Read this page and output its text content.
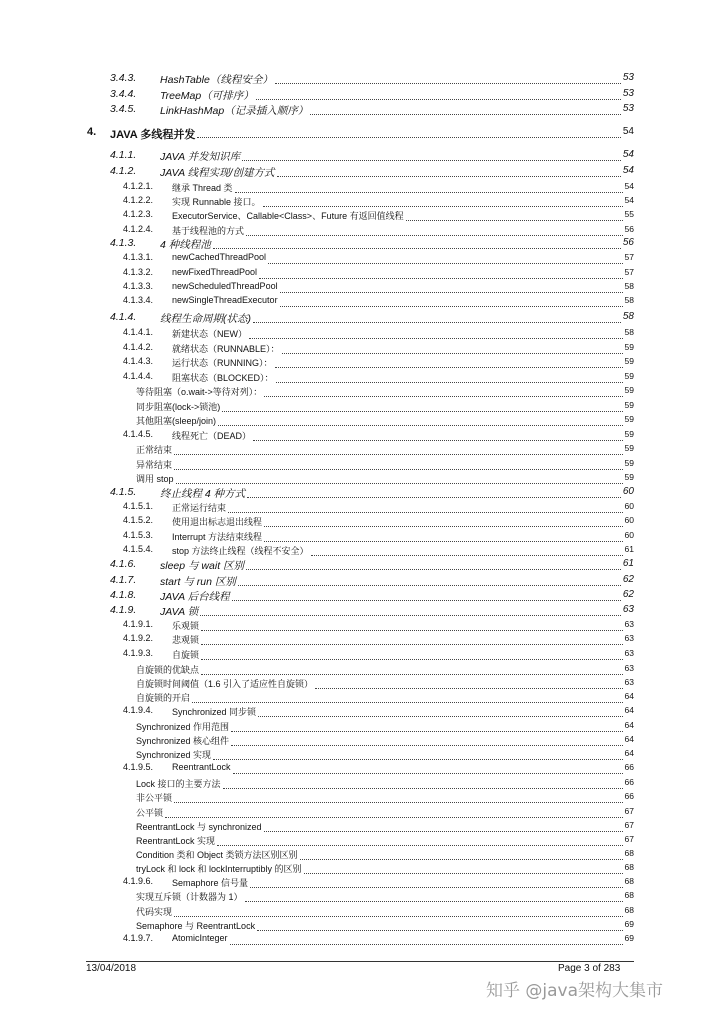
3.4.3. HashTable（线程安全）	53
3.4.4. TreeMap（可排序）	53
3.4.5. LinkHashMap（记录插入顺序）	53
4. JAVA 多线程并发	54
4.1.1. JAVA 并发知识库	54
4.1.2. JAVA 线程实现/创建方式	54
4.1.2.1. 继承 Thread 类	54
4.1.2.2. 实现 Runnable 接口。	54
4.1.2.3. ExecutorService、Callable<Class>、Future 有返回值线程	55
4.1.2.4. 基于线程池的方式	56
4.1.3. 4 种线程池	56
4.1.3.1. newCachedThreadPool	57
4.1.3.2. newFixedThreadPool	57
4.1.3.3. newScheduledThreadPool	58
4.1.3.4. newSingleThreadExecutor	58
4.1.4. 线程生命周期(状态)	58
4.1.4.1. 新建状态（NEW）	58
4.1.4.2. 就绪状态（RUNNABLE）：	59
4.1.4.3. 运行状态（RUNNING）：	59
4.1.4.4. 阻塞状态（BLOCKED）：	59
等待阻塞（o.wait->等待对列）：	59
同步阻塞(lock->锁池)	59
其他阻塞(sleep/join)	59
4.1.4.5. 线程死亡（DEAD）	59
正常结束	59
异常结束	59
调用 stop	59
4.1.5. 终止线程 4 种方式	60
4.1.5.1. 正常运行结束	60
4.1.5.2. 使用退出标志退出线程	60
4.1.5.3. Interrupt 方法结束线程	60
4.1.5.4. stop 方法终止线程（线程不安全）	61
4.1.6. sleep 与 wait 区别	61
4.1.7. start 与 run 区别	62
4.1.8. JAVA 后台线程	62
4.1.9. JAVA 锁	63
4.1.9.1. 乐观锁	63
4.1.9.2. 悲观锁	63
4.1.9.3. 自旋锁	63
自旋锁的优缺点	63
自旋锁时间阈值（1.6 引入了适应性自旋锁）	63
自旋锁的开启	64
4.1.9.4. Synchronized 同步锁	64
Synchronized 作用范围	64
Synchronized 核心组件	64
Synchronized 实现	64
4.1.9.5. ReentrantLock	66
Lock 接口的主要方法	66
非公平锁	66
公平锁	67
ReentrantLock 与 synchronized	67
ReentrantLock 实现	67
Condition 类和 Object 类锁方法区别区别	68
tryLock 和 lock 和 lockInterruptibly 的区别	68
4.1.9.6. Semaphore 信号量	68
实现互斥锁（计数器为 1）	68
代码实现	68
Semaphore 与 ReentrantLock	69
4.1.9.7. AtomicInteger	69
13/04/2018	Page 3 of 283
知乎 @java架构大集市
